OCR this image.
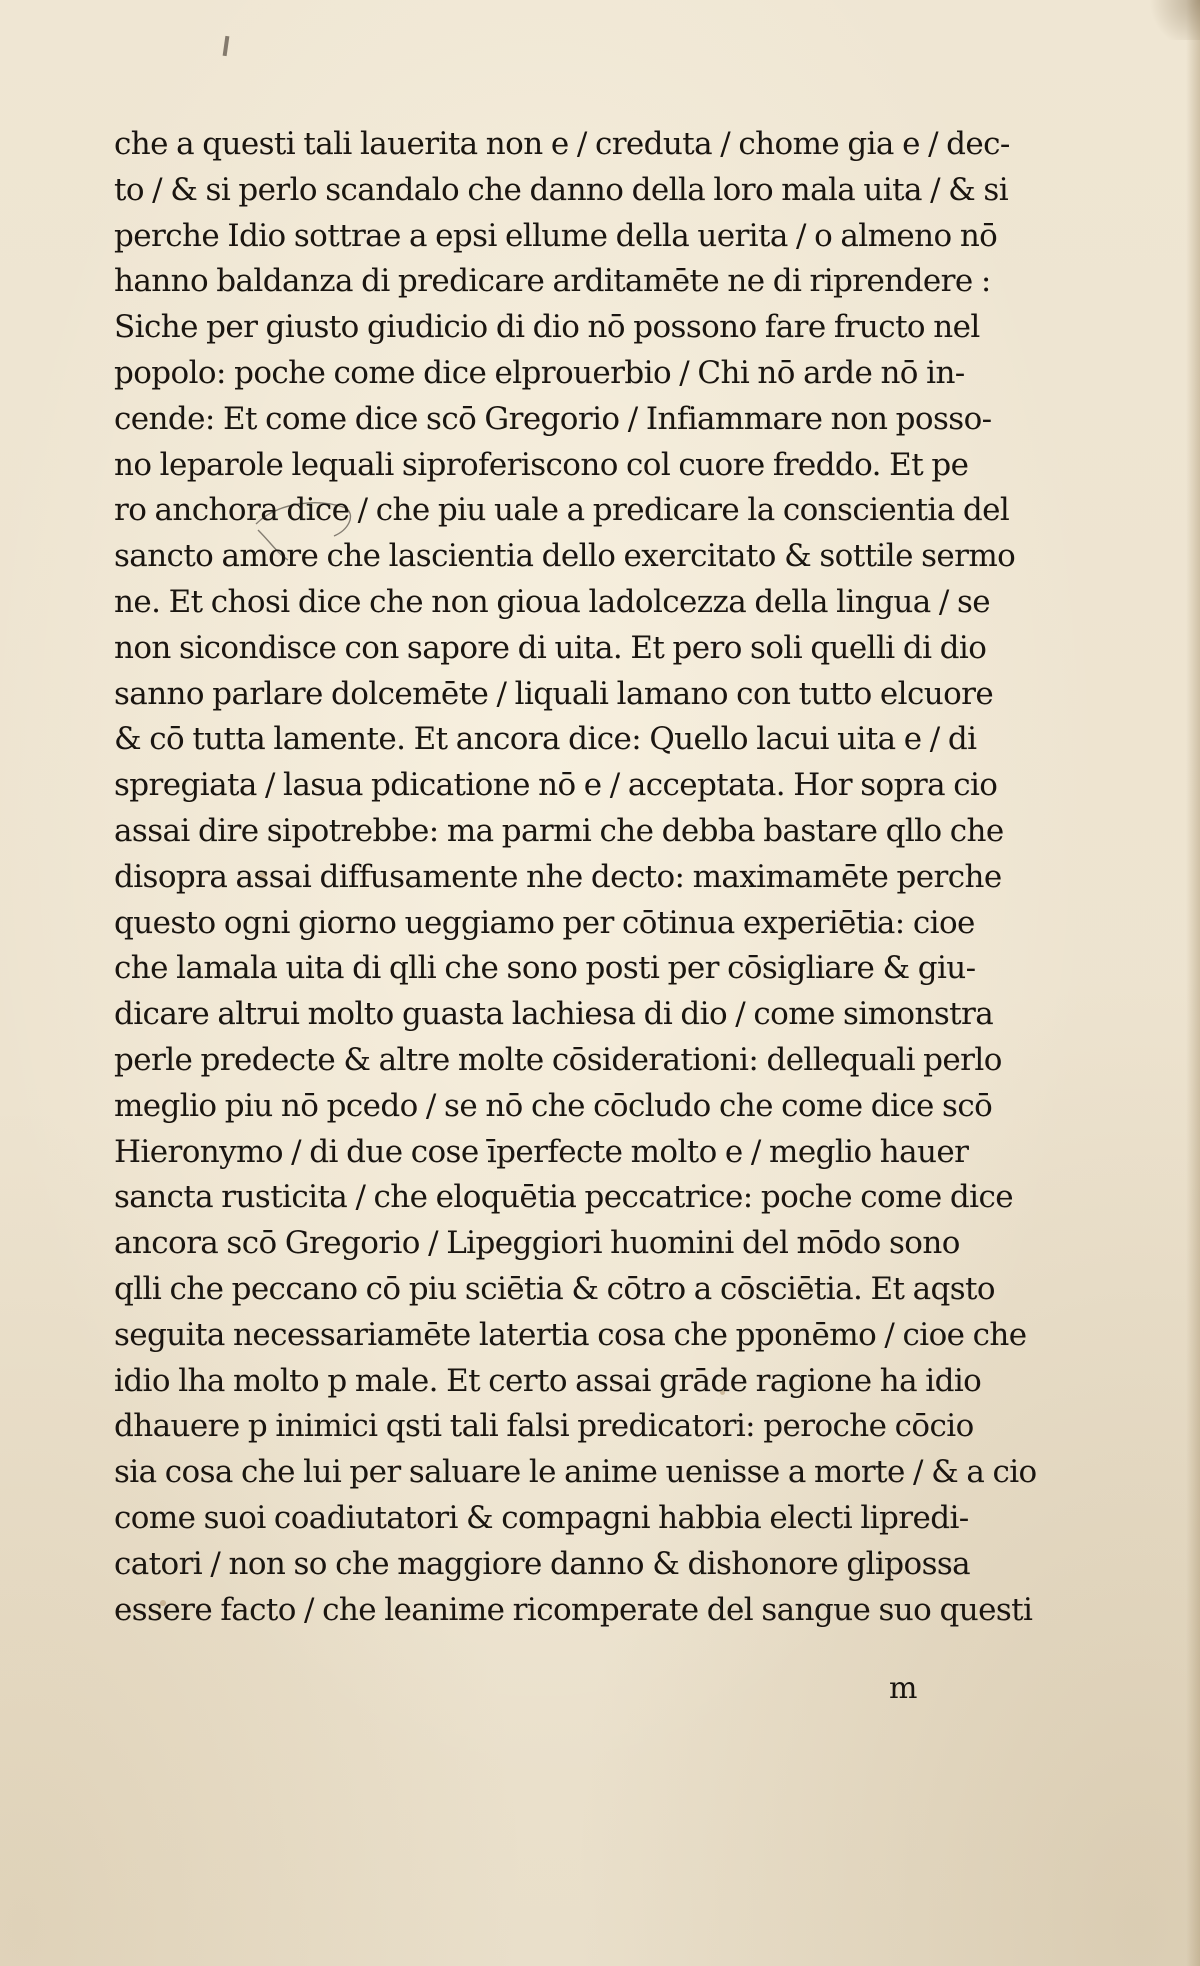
che a questi tali lauerita non e / creduta / chome gia e / dec-
to / & si perlo scandalo che danno della loro mala uita / & si
perche Idio sottrae a epsi ellume della uerita / o almeno nō
hanno baldanza di predicare arditamēte ne di riprendere :
Siche per giusto giudicio di dio nō possono fare fructo nel
popolo: poche come dice elprouerbio / Chi nō arde nō in-
cende: Et come dice scō Gregorio / Infiammare non posso-
no leparole lequali siproferiscono col cuore freddo. Et pe
ro anchora dice / che piu uale a predicare la conscientia del
sancto amore che lascientia dello exercitato & sottile sermo
ne. Et chosi dice che non gioua ladolcezza della lingua / se
non sicondisce con sapore di uita. Et pero soli quelli di dio
sanno parlare dolcemēte / liquali lamano con tutto elcuore
& cō tutta lamente. Et ancora dice: Quello lacui uita e / di
spregiata / lasua pdicatione nō e / acceptata. Hor sopra cio
assai dire sipotrebbe: ma parmi che debba bastare qllo che
disopra assai diffusamente nhe decto: maximamēte perche
questo ogni giorno ueggiamo per cōtinua experiētia: cioe
che lamala uita di qlli che sono posti per cōsigliare & giu-
dicare altrui molto guasta lachiesa di dio / come simonstra
perle predecte & altre molte cōsiderationi: dellequali perlo
meglio piu nō pcedo / se nō che cōcludo che come dice scō
Hieronymo / di due cose īperfecte molto e / meglio hauer
sancta rusticita / che eloquētia peccatrice: poche come dice
ancora scō Gregorio / Lipeggiori huomini del mōdo sono
qlli che peccano cō piu sciētia & cōtro a cōsciētia. Et aqsto
seguita necessariamēte latertia cosa che pponēmo / cioe che
idio lha molto p male. Et certo assai grāde ragione ha idio
dhauere p inimici qsti tali falsi predicatori: peroche cōcio
sia cosa che lui per saluare le anime uenisse a morte / & a cio
come suoi coadiutatori & compagni habbia electi lipredi-
catori / non so che maggiore danno & dishonore glipossa
essere facto / che leanime ricomperate del sangue suo questi
m
